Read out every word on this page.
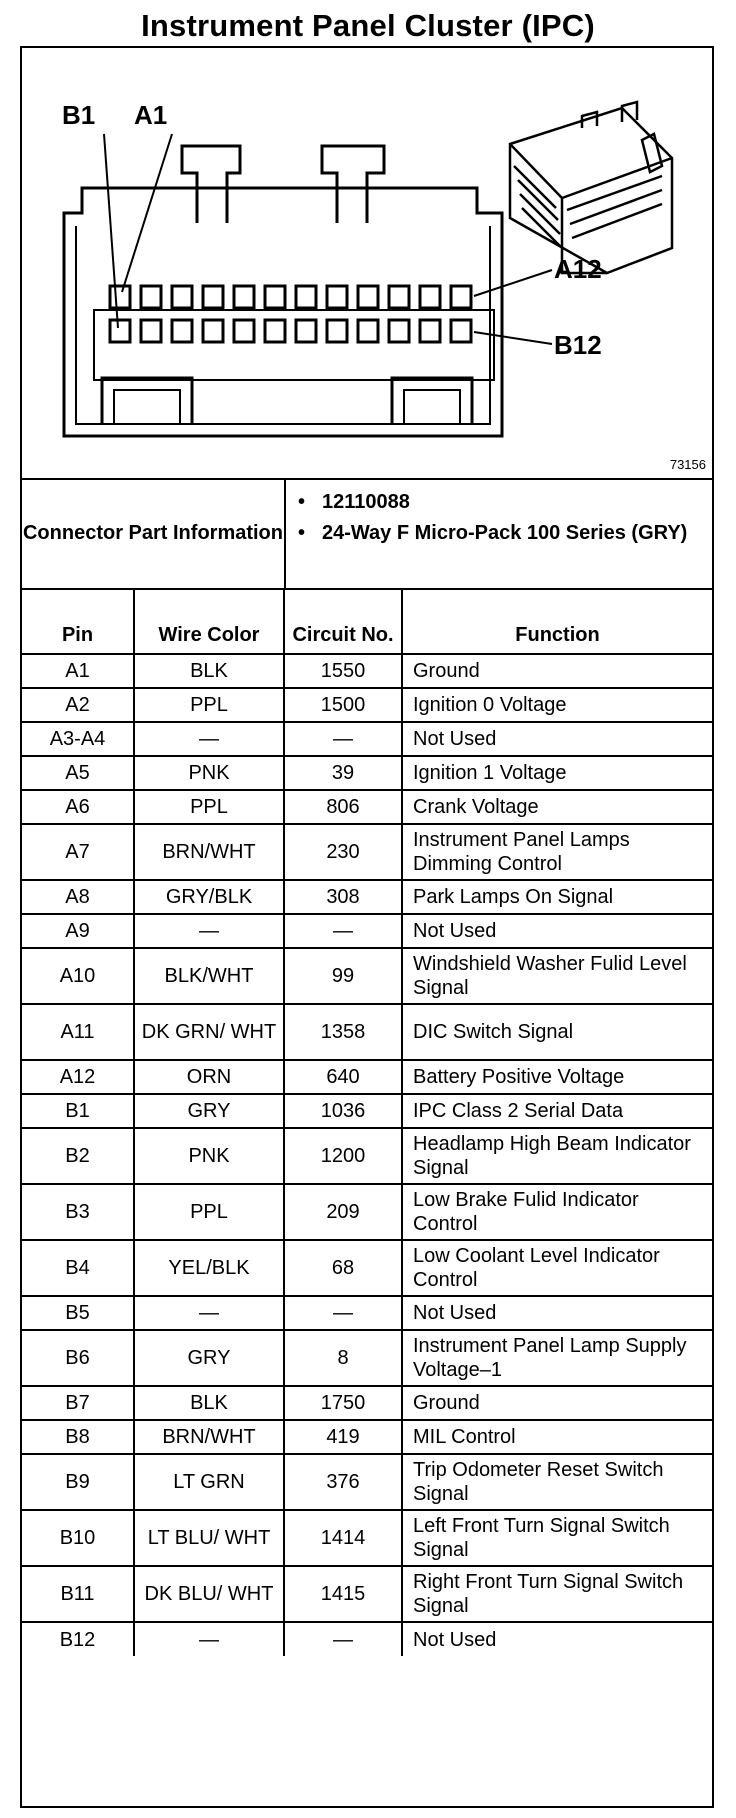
Instrument Panel Cluster (IPC)
B1 A1
A12
B12
73156
Connector Part Information
• 12110088
• 24-Way F Micro-Pack 100 Series (GRY)
Pin	Wire Color	Circuit No.	Function
A1	BLK	1550	Ground
A2	PPL	1500	Ignition 0 Voltage
A3-A4	—	—	Not Used
A5	PNK	39	Ignition 1 Voltage
A6	PPL	806	Crank Voltage
A7	BRN/WHT	230	Instrument Panel Lamps Dimming Control
A8	GRY/BLK	308	Park Lamps On Signal
A9	—	—	Not Used
A10	BLK/WHT	99	Windshield Washer Fulid Level Signal
A11	DK GRN/ WHT	1358	DIC Switch Signal
A12	ORN	640	Battery Positive Voltage
B1	GRY	1036	IPC Class 2 Serial Data
B2	PNK	1200	Headlamp High Beam Indicator Signal
B3	PPL	209	Low Brake Fulid Indicator Control
B4	YEL/BLK	68	Low Coolant Level Indicator Control
B5	—	—	Not Used
B6	GRY	8	Instrument Panel Lamp Supply Voltage–1
B7	BLK	1750	Ground
B8	BRN/WHT	419	MIL Control
B9	LT GRN	376	Trip Odometer Reset Switch Signal
B10	LT BLU/ WHT	1414	Left Front Turn Signal Switch Signal
B11	DK BLU/ WHT	1415	Right Front Turn Signal Switch Signal
B12	—	—	Not Used
